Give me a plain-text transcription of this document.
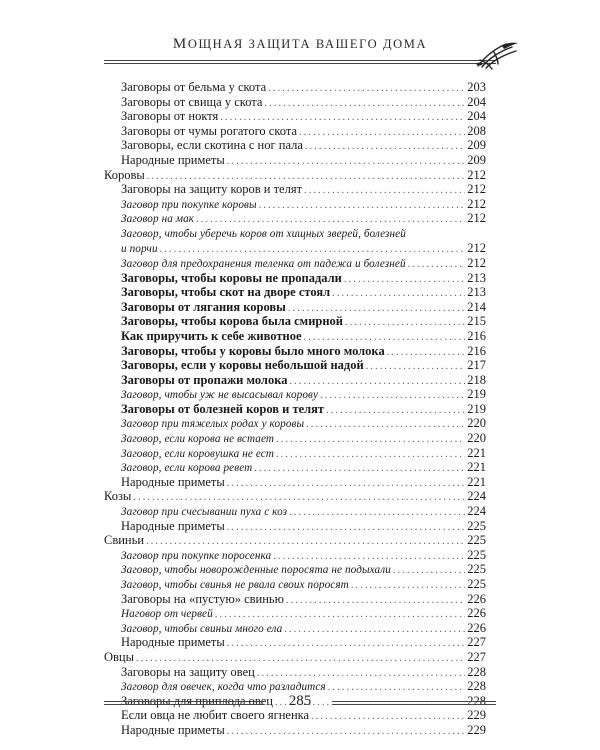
МОЩНАЯ ЗАЩИТА ВАШЕГО ДОМА
Заговоры от бельма у скота .....	203
Заговоры от свища у скота .....	204
Заговоры от ноктя .....	204
Заговоры от чумы рогатого скота .....	208
Заговоры, если скотина с ног пала .....	209
Народные приметы .....	209
Коровы .....	212
Заговоры на защиту коров и телят .....	212
Заговор при покупке коровы .....	212
Заговор на мак .....	212
Заговор, чтобы уберечь коров от хищных зверей, болезней
и порчи .....	212
Заговор для предохранения теленка от падежа и болезней .....	212
Заговоры, чтобы коровы не пропадали .....	213
Заговоры, чтобы скот на дворе стоял .....	213
Заговоры от лягания коровы .....	214
Заговоры, чтобы корова была смирной .....	215
Как приручить к себе животное .....	216
Заговоры, чтобы у коровы было много молока .....	216
Заговоры, если у коровы небольшой надой .....	217
Заговоры от пропажи молока .....	218
Заговор, чтобы уж не высасывал корову .....	219
Заговоры от болезней коров и телят .....	219
Заговор при тяжелых родах у коровы .....	220
Заговор, если корова не встает .....	220
Заговор, если коровушка не ест .....	221
Заговор, если корова ревет .....	221
Народные приметы .....	221
Козы .....	224
Заговор при счесывании пуха с коз .....	224
Народные приметы .....	225
Свиньи .....	225
Заговор при покупке поросенка .....	225
Заговор, чтобы новорожденные поросята не подыхали .....	225
Заговор, чтобы свинья не рвала своих поросят .....	225
Заговоры на «пустую» свинью .....	226
Наговор от червей .....	226
Заговор, чтобы свиньи много ела .....	226
Народные приметы .....	227
Овцы .....	227
Заговоры на защиту овец .....	228
Заговор для овечек, когда что разладится .....	228
Заговоры для приплода овец .....	228
Если овца не любит своего ягненка .....	229
Народные приметы .....	229
285
